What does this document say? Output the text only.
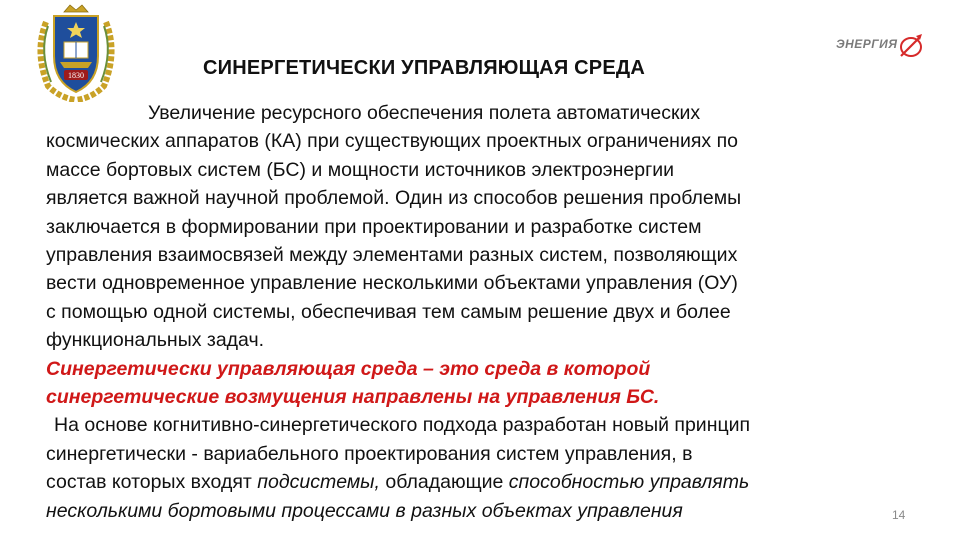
1830
ЭНЕРГИЯ
СИНЕРГЕТИЧЕСКИ УПРАВЛЯЮЩАЯ СРЕДА
Увеличение ресурсного обеспечения полета автоматических
космических аппаратов (КА) при существующих проектных ограничениях по
массе бортовых систем (БС) и мощности источников электроэнергии
является важной научной проблемой. Один из способов решения проблемы
заключается в формировании при проектировании и разработке систем
управления взаимосвязей между элементами разных систем, позволяющих
вести одновременное управление несколькими объектами управления (ОУ)
с помощью одной системы, обеспечивая тем самым решение двух и более
функциональных задач.
Синергетически управляющая среда – это среда в которой
синергетические возмущения направлены на управления БС.
На основе когнитивно-синергетического подхода разработан новый принцип
синергетически - вариабельного проектирования систем управления, в
состав которых входят подсистемы, обладающие способностью управлять
несколькими бортовыми процессами в разных объектах управления	14
